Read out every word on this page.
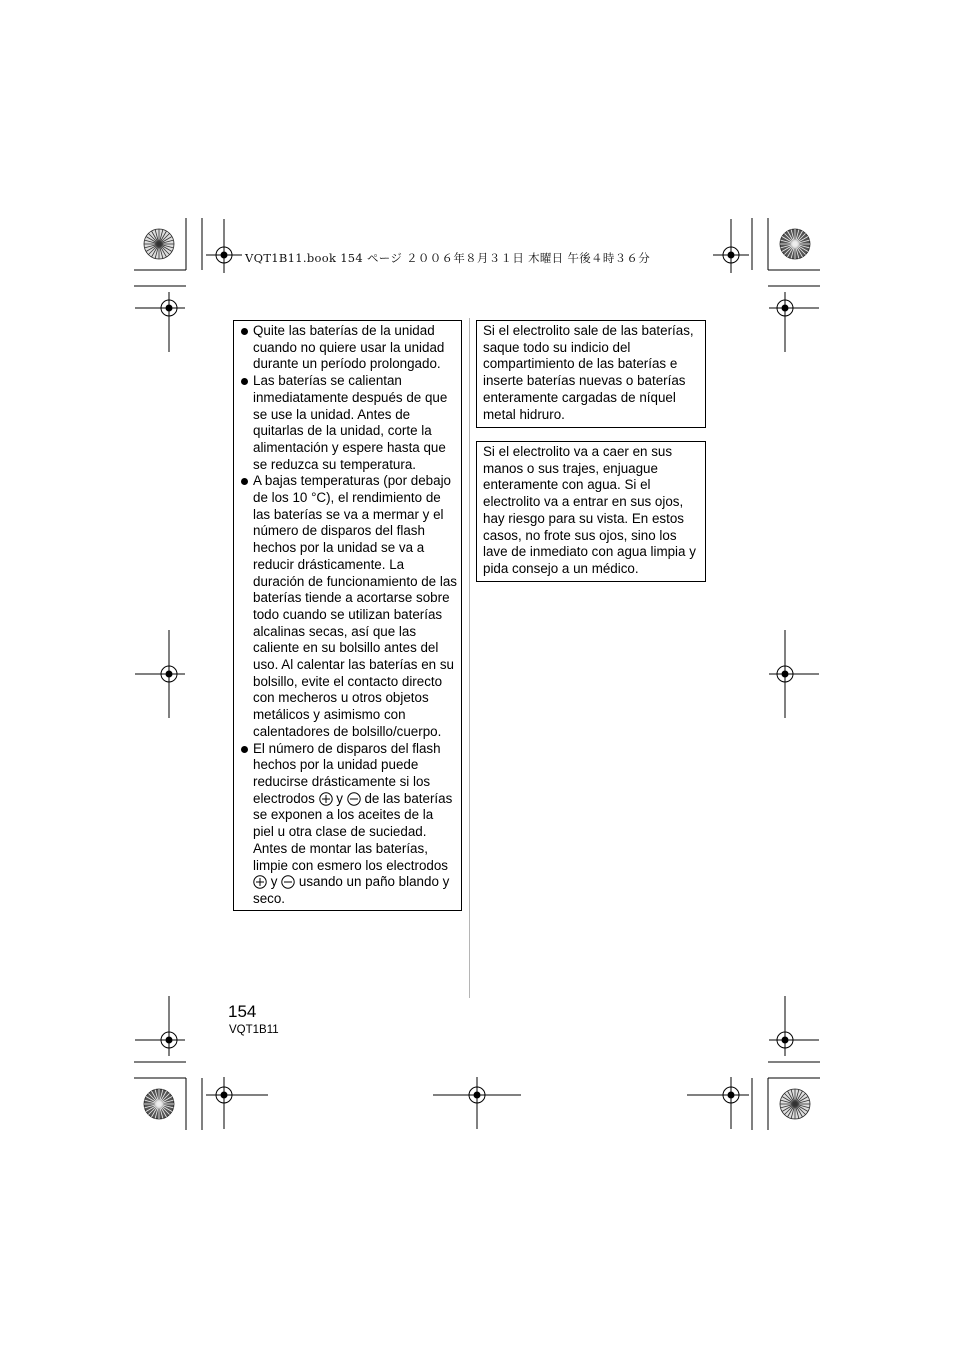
VQT1B11.book 154 ページ ２００６年８月３１日 木曜日 午後４時３６分
Quite las baterías de la unidad cuando no quiere usar la unidad durante un período prolongado.
Las baterías se calientan inmediatamente después de que se use la unidad. Antes de quitarlas de la unidad, corte la alimentación y espere hasta que se reduzca su temperatura.
A bajas temperaturas (por debajo de los 10 °C), el rendimiento de las baterías se va a mermar y el número de disparos del flash hechos por la unidad se va a reducir drásticamente. La duración de funcionamiento de las baterías tiende a acortarse sobre todo cuando se utilizan baterías alcalinas secas, así que las caliente en su bolsillo antes del uso. Al calentar las baterías en su bolsillo, evite el contacto directo con mecheros u otros objetos metálicos y asimismo con calentadores de bolsillo/cuerpo.
El número de disparos del flash hechos por la unidad puede reducirse drásticamente si los electrodos y de las baterías se exponen a los aceites de la piel u otra clase de suciedad. Antes de montar las baterías, limpie con esmero los electrodos  y usando un paño blando y seco.
Si el electrolito sale de las baterías, saque todo su indicio del compartimiento de las baterías e inserte baterías nuevas o baterías enteramente cargadas de níquel metal hidruro.
Si el electrolito va a caer en sus manos o sus trajes, enjuague enteramente con agua. Si el electrolito va a entrar en sus ojos, hay riesgo para su vista. En estos casos, no frote sus ojos, sino los lave de inmediato con agua limpia y pida consejo a un médico.
154
VQT1B11
